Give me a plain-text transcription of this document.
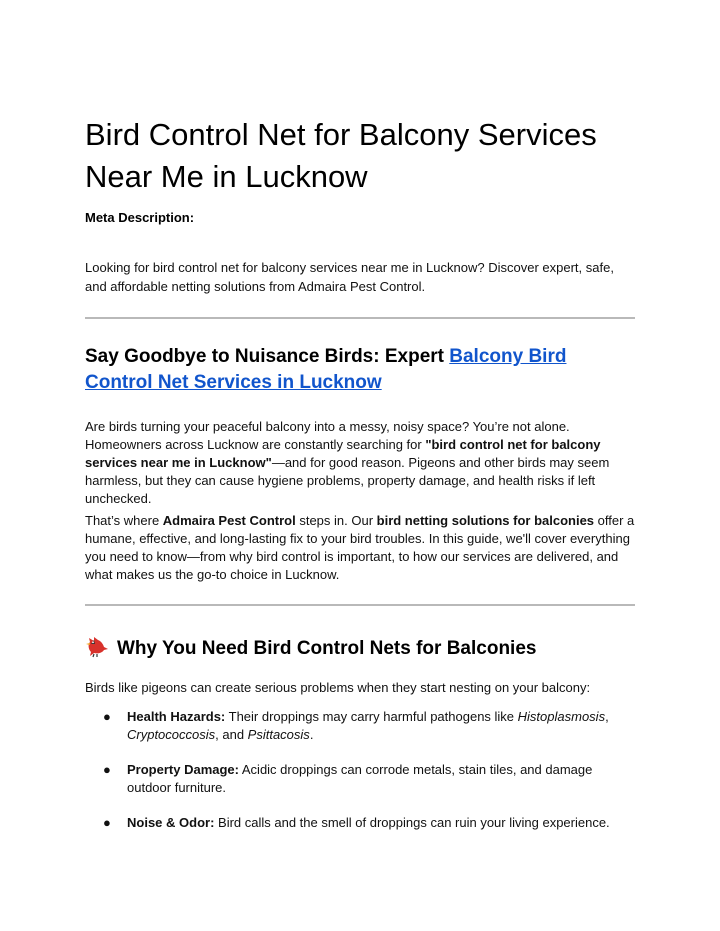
Bird Control Net for Balcony Services
Near Me in Lucknow

Meta Description:

Looking for bird control net for balcony services near me in Lucknow? Discover expert, safe, and affordable netting solutions from Admaira Pest Control.

Say Goodbye to Nuisance Birds: Expert Balcony Bird Control Net Services in Lucknow

Are birds turning your peaceful balcony into a messy, noisy space? You’re not alone. Homeowners across Lucknow are constantly searching for "bird control net for balcony services near me in Lucknow"—and for good reason. Pigeons and other birds may seem harmless, but they can cause hygiene problems, property damage, and health risks if left unchecked.

That’s where Admaira Pest Control steps in. Our bird netting solutions for balconies offer a humane, effective, and long-lasting fix to your bird troubles. In this guide, we'll cover everything you need to know—from why bird control is important, to how our services are delivered, and what makes us the go-to choice in Lucknow.

Why You Need Bird Control Nets for Balconies

Birds like pigeons can create serious problems when they start nesting on your balcony:

● Health Hazards: Their droppings may carry harmful pathogens like Histoplasmosis, Cryptococcosis, and Psittacosis.
● Property Damage: Acidic droppings can corrode metals, stain tiles, and damage outdoor furniture.
● Noise & Odor: Bird calls and the smell of droppings can ruin your living experience.
